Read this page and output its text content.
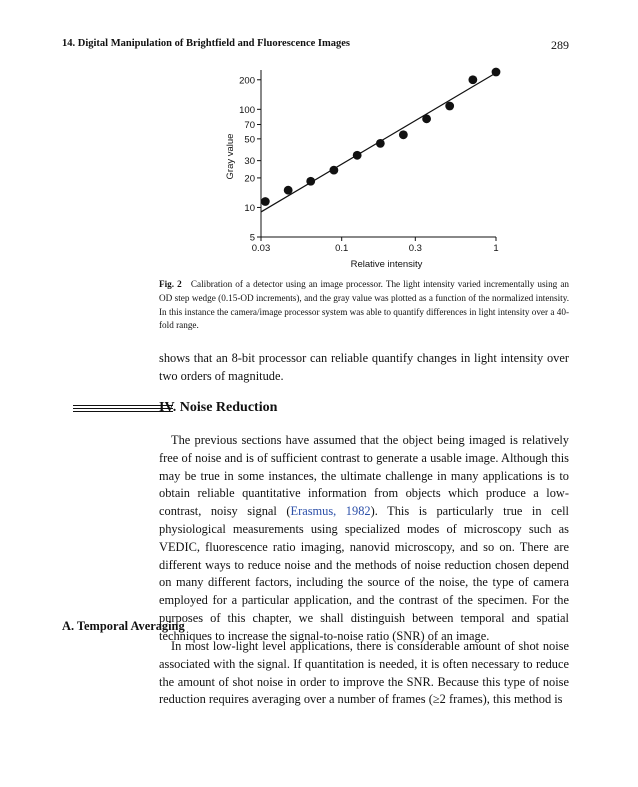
14. Digital Manipulation of Brightfield and Fluorescence Images	289
5
10
20
30
50
70
100
200
0.03	0.1	0.3	1
Relative intensity
Gray value
Fig. 2 Calibration of a detector using an image processor. The light intensity varied incrementally using an OD step wedge (0.15-OD increments), and the gray value was plotted as a function of the normalized intensity. In this instance the camera/image processor system was able to quantify differences in light intensity over a 40-fold range.

shows that an 8-bit processor can reliable quantify changes in light intensity over two orders of magnitude.

IV. Noise Reduction

The previous sections have assumed that the object being imaged is relatively free of noise and is of sufficient contrast to generate a usable image. Although this may be true in some instances, the ultimate challenge in many applications is to obtain reliable quantitative information from objects which produce a low-contrast, noisy signal (Erasmus, 1982). This is particularly true in cell physiological measurements using specialized modes of microscopy such as VEDIC, fluorescence ratio imaging, nanovid microscopy, and so on. There are different ways to reduce noise and the methods of noise reduction chosen depend on many different factors, including the source of the noise, the type of camera employed for a particular application, and the contrast of the specimen. For the purposes of this chapter, we shall distinguish between temporal and spatial techniques to increase the signal-to-noise ratio (SNR) of an image.

A. Temporal Averaging

In most low-light level applications, there is considerable amount of shot noise associated with the signal. If quantitation is needed, it is often necessary to reduce the amount of shot noise in order to improve the SNR. Because this type of noise reduction requires averaging over a number of frames (≥2 frames), this method is
